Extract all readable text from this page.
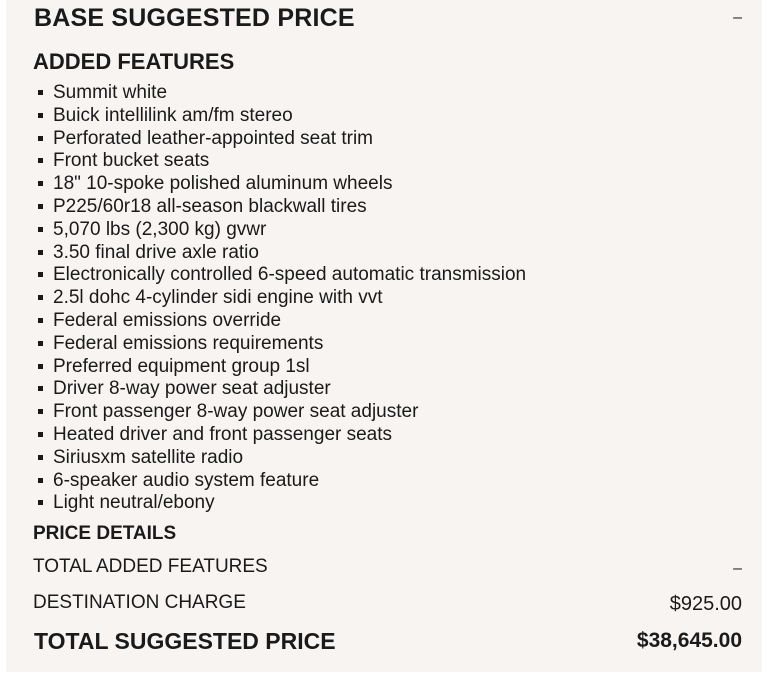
BASE SUGGESTED PRICE	–
ADDED FEATURES
Summit white
Buick intellilink am/fm stereo
Perforated leather-appointed seat trim
Front bucket seats
18" 10-spoke polished aluminum wheels
P225/60r18 all-season blackwall tires
5,070 lbs (2,300 kg) gvwr
3.50 final drive axle ratio
Electronically controlled 6-speed automatic transmission
2.5l dohc 4-cylinder sidi engine with vvt
Federal emissions override
Federal emissions requirements
Preferred equipment group 1sl
Driver 8-way power seat adjuster
Front passenger 8-way power seat adjuster
Heated driver and front passenger seats
Siriusxm satellite radio
6-speaker audio system feature
Light neutral/ebony
PRICE DETAILS
TOTAL ADDED FEATURES	–
DESTINATION CHARGE	$925.00
TOTAL SUGGESTED PRICE	$38,645.00
